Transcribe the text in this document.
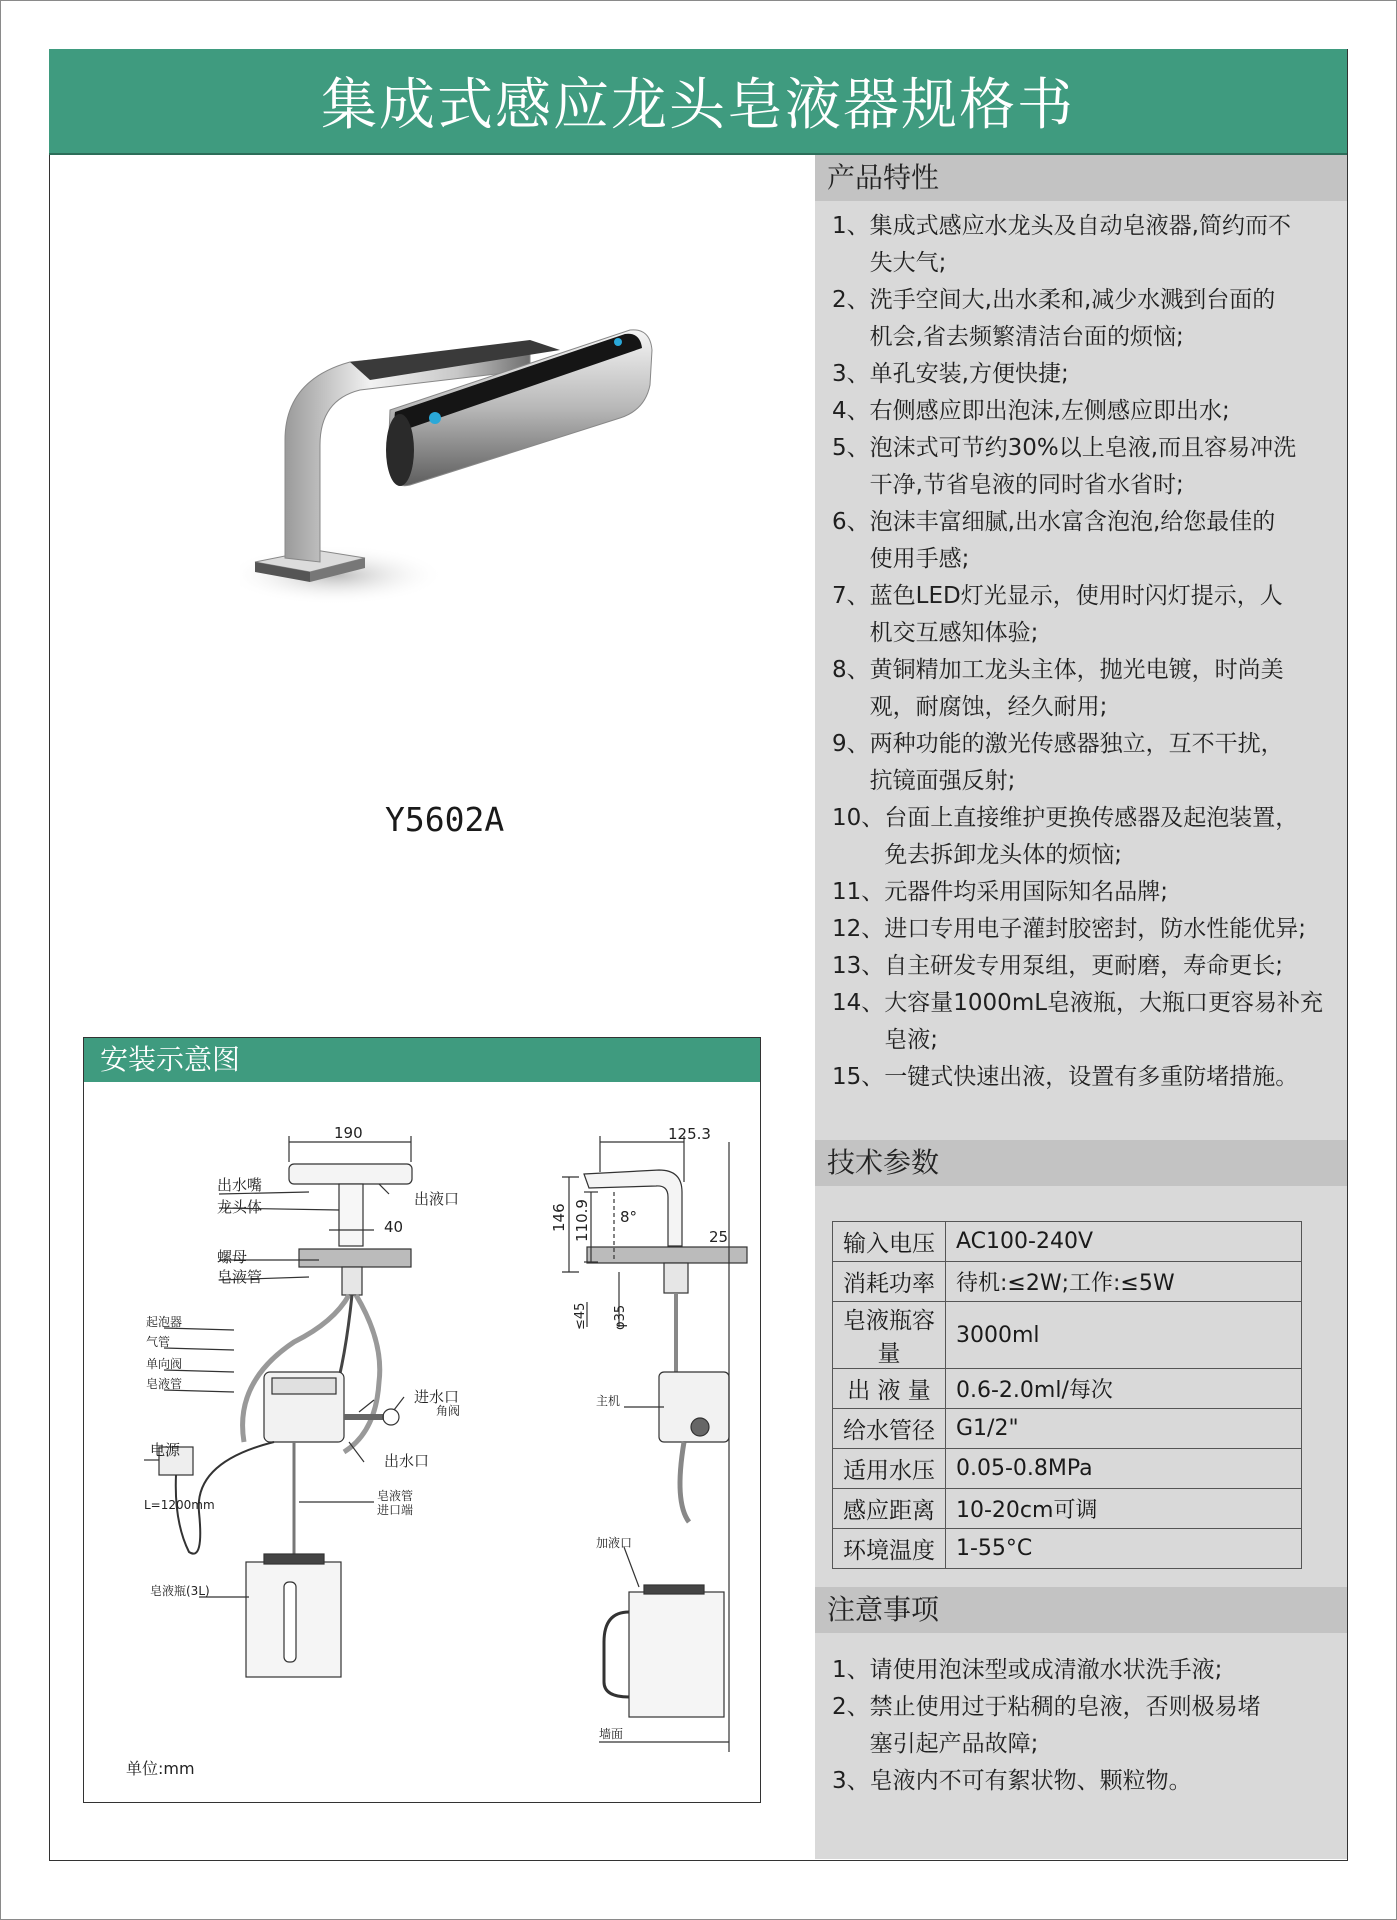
集成式感应龙头皂液器规格书
Y5602A
产品特性
1、 集成式感应水龙头及自动皂液器,简约而不
失大气;
2、 洗手空间大,出水柔和,减少水溅到台面的
机会,省去频繁清洁台面的烦恼;
3、 单孔安装,方便快捷;
4、 右侧感应即出泡沫,左侧感应即出水;
5、 泡沫式可节约30%以上皂液,而且容易冲洗
干净,节省皂液的同时省水省时;
6、 泡沫丰富细腻,出水富含泡泡,给您最佳的
使用手感;
7、 蓝色LED灯光显示，使用时闪灯提示，人
机交互感知体验;
8、 黄铜精加工龙头主体，抛光电镀，时尚美
观，耐腐蚀，经久耐用;
9、 两种功能的激光传感器独立，互不干扰，
抗镜面强反射;
10、 台面上直接维护更换传感器及起泡装置，
免去拆卸龙头体的烦恼;
11、 元器件均采用国际知名品牌;
12、 进口专用电子灌封胶密封，防水性能优异;
13、 自主研发专用泵组，更耐磨，寿命更长;
14、 大容量1000mL皂液瓶，大瓶口更容易补充
皂液;
15、 一键式快速出液，设置有多重防堵措施。
技术参数
输入电压	AC100-240V
消耗功率	待机:≤2W;工作:≤5W
皂液瓶容量	3000ml
出 液 量	0.6-2.0ml/每次
给水管径	G1/2"
适用水压	0.05-0.8MPa
感应距离	10-20cm可调
环境温度	1-55°C
注意事项
1、 请使用泡沫型或成清澈水状洗手液;
2、 禁止使用过于粘稠的皂液，否则极易堵
塞引起产品故障;
3、 皂液内不可有絮状物、颗粒物。
安装示意图
190
40
出水嘴
龙头体	出液口
螺母
皂液管
电源
进水口
出水口
125.3
8°
25
起泡器
气管
单向阀
皂液管
角阀
L=1200mm
皂液管
进口端
皂液瓶(3L)
主机
加液口
墙面
146 110.9
≤45 φ35
单位:mm
